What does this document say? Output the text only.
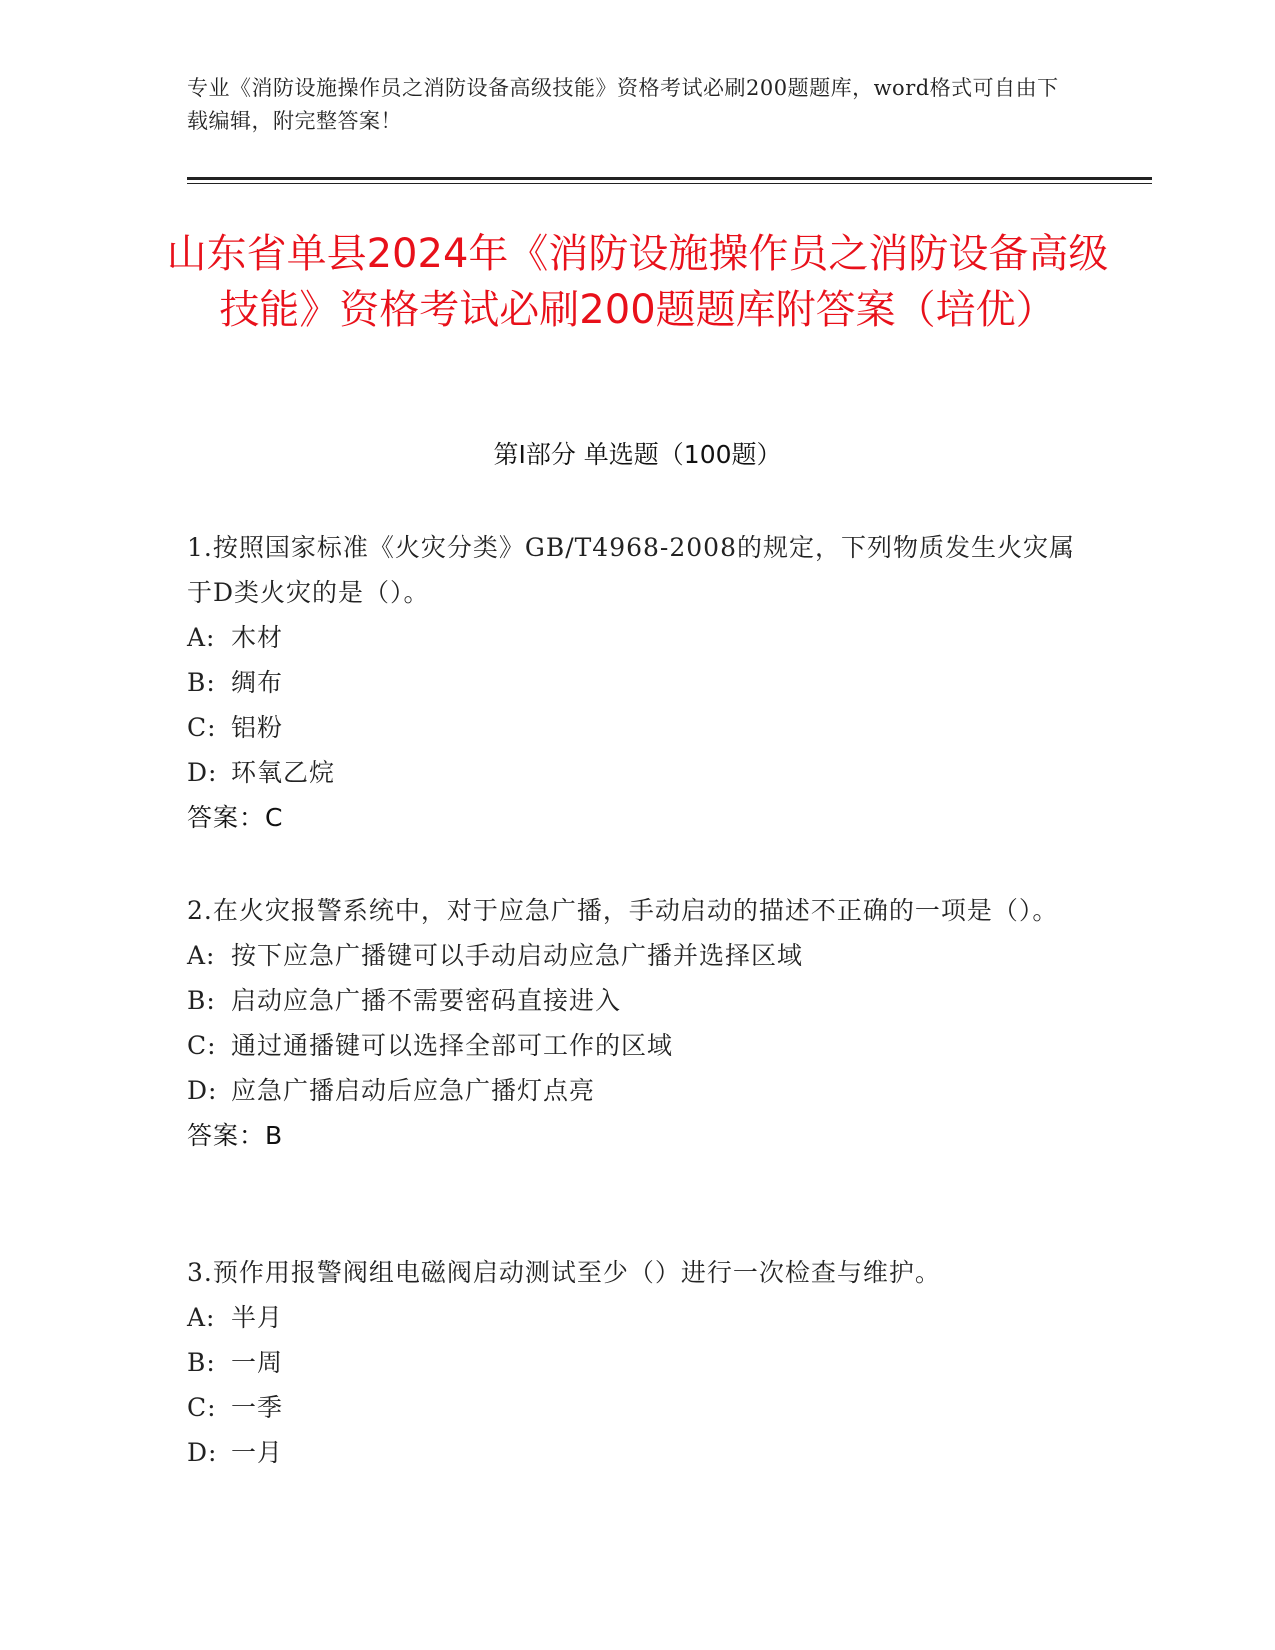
专业《消防设施操作员之消防设备高级技能》资格考试必刷200题题库，word格式可自由下载编辑，附完整答案！
山东省单县2024年《消防设施操作员之消防设备高级技能》资格考试必刷200题题库附答案（培优）
第Ⅰ部分 单选题（100题）
1.按照国家标准《火灾分类》GB/T4968-2008的规定，下列物质发生火灾属于D类火灾的是（）。
A: 木材
B: 绸布
C: 铝粉
D: 环氧乙烷
答案：C
2.在火灾报警系统中，对于应急广播，手动启动的描述不正确的一项是（）。
A: 按下应急广播键可以手动启动应急广播并选择区域
B: 启动应急广播不需要密码直接进入
C: 通过通播键可以选择全部可工作的区域
D: 应急广播启动后应急广播灯点亮
答案：B
3.预作用报警阀组电磁阀启动测试至少（）进行一次检查与维护。
A: 半月
B: 一周
C: 一季
D: 一月
